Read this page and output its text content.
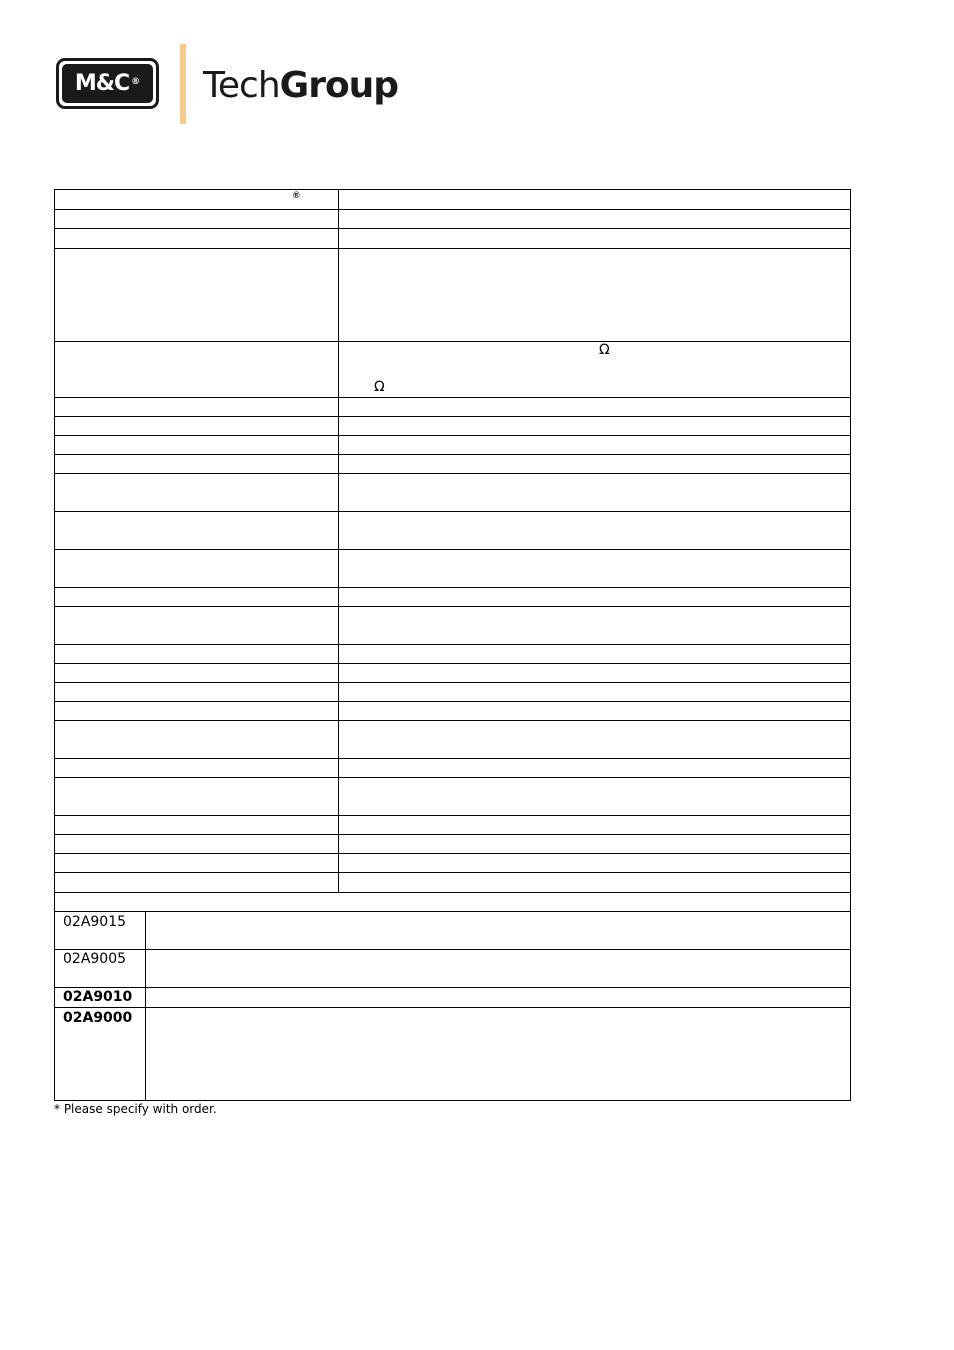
M&C® TechGroup
®
Ω
Ω
02A9015
02A9005
02A9010
02A9000
* Please specify with order.
